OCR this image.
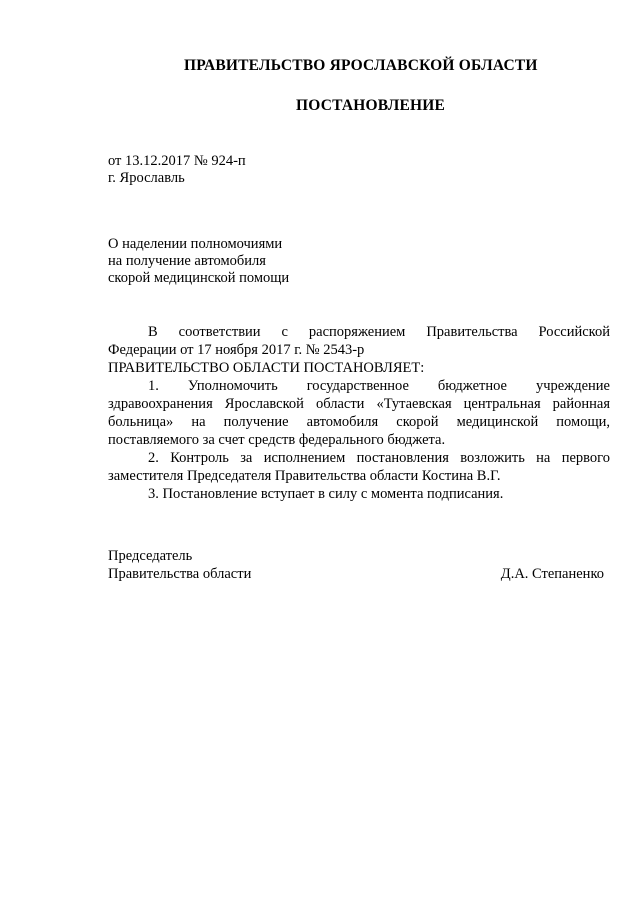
ПРАВИТЕЛЬСТВО ЯРОСЛАВСКОЙ ОБЛАСТИ
ПОСТАНОВЛЕНИЕ
от 13.12.2017 № 924-п
г. Ярославль
О наделении полномочиями
на получение автомобиля
скорой медицинской помощи
В соответствии с распоряжением Правительства Российской
Федерации от 17 ноября 2017 г. № 2543-р
ПРАВИТЕЛЬСТВО ОБЛАСТИ ПОСТАНОВЛЯЕТ:
1. Уполномочить государственное бюджетное учреждение
здравоохранения Ярославской области «Тутаевская центральная районная
больница» на получение автомобиля скорой медицинской помощи,
поставляемого за счет средств федерального бюджета.
2. Контроль за исполнением постановления возложить на первого
заместителя Председателя Правительства области Костина В.Г.
3. Постановление вступает в силу с момента подписания.
Председатель
Правительства области	Д.А. Степаненко
